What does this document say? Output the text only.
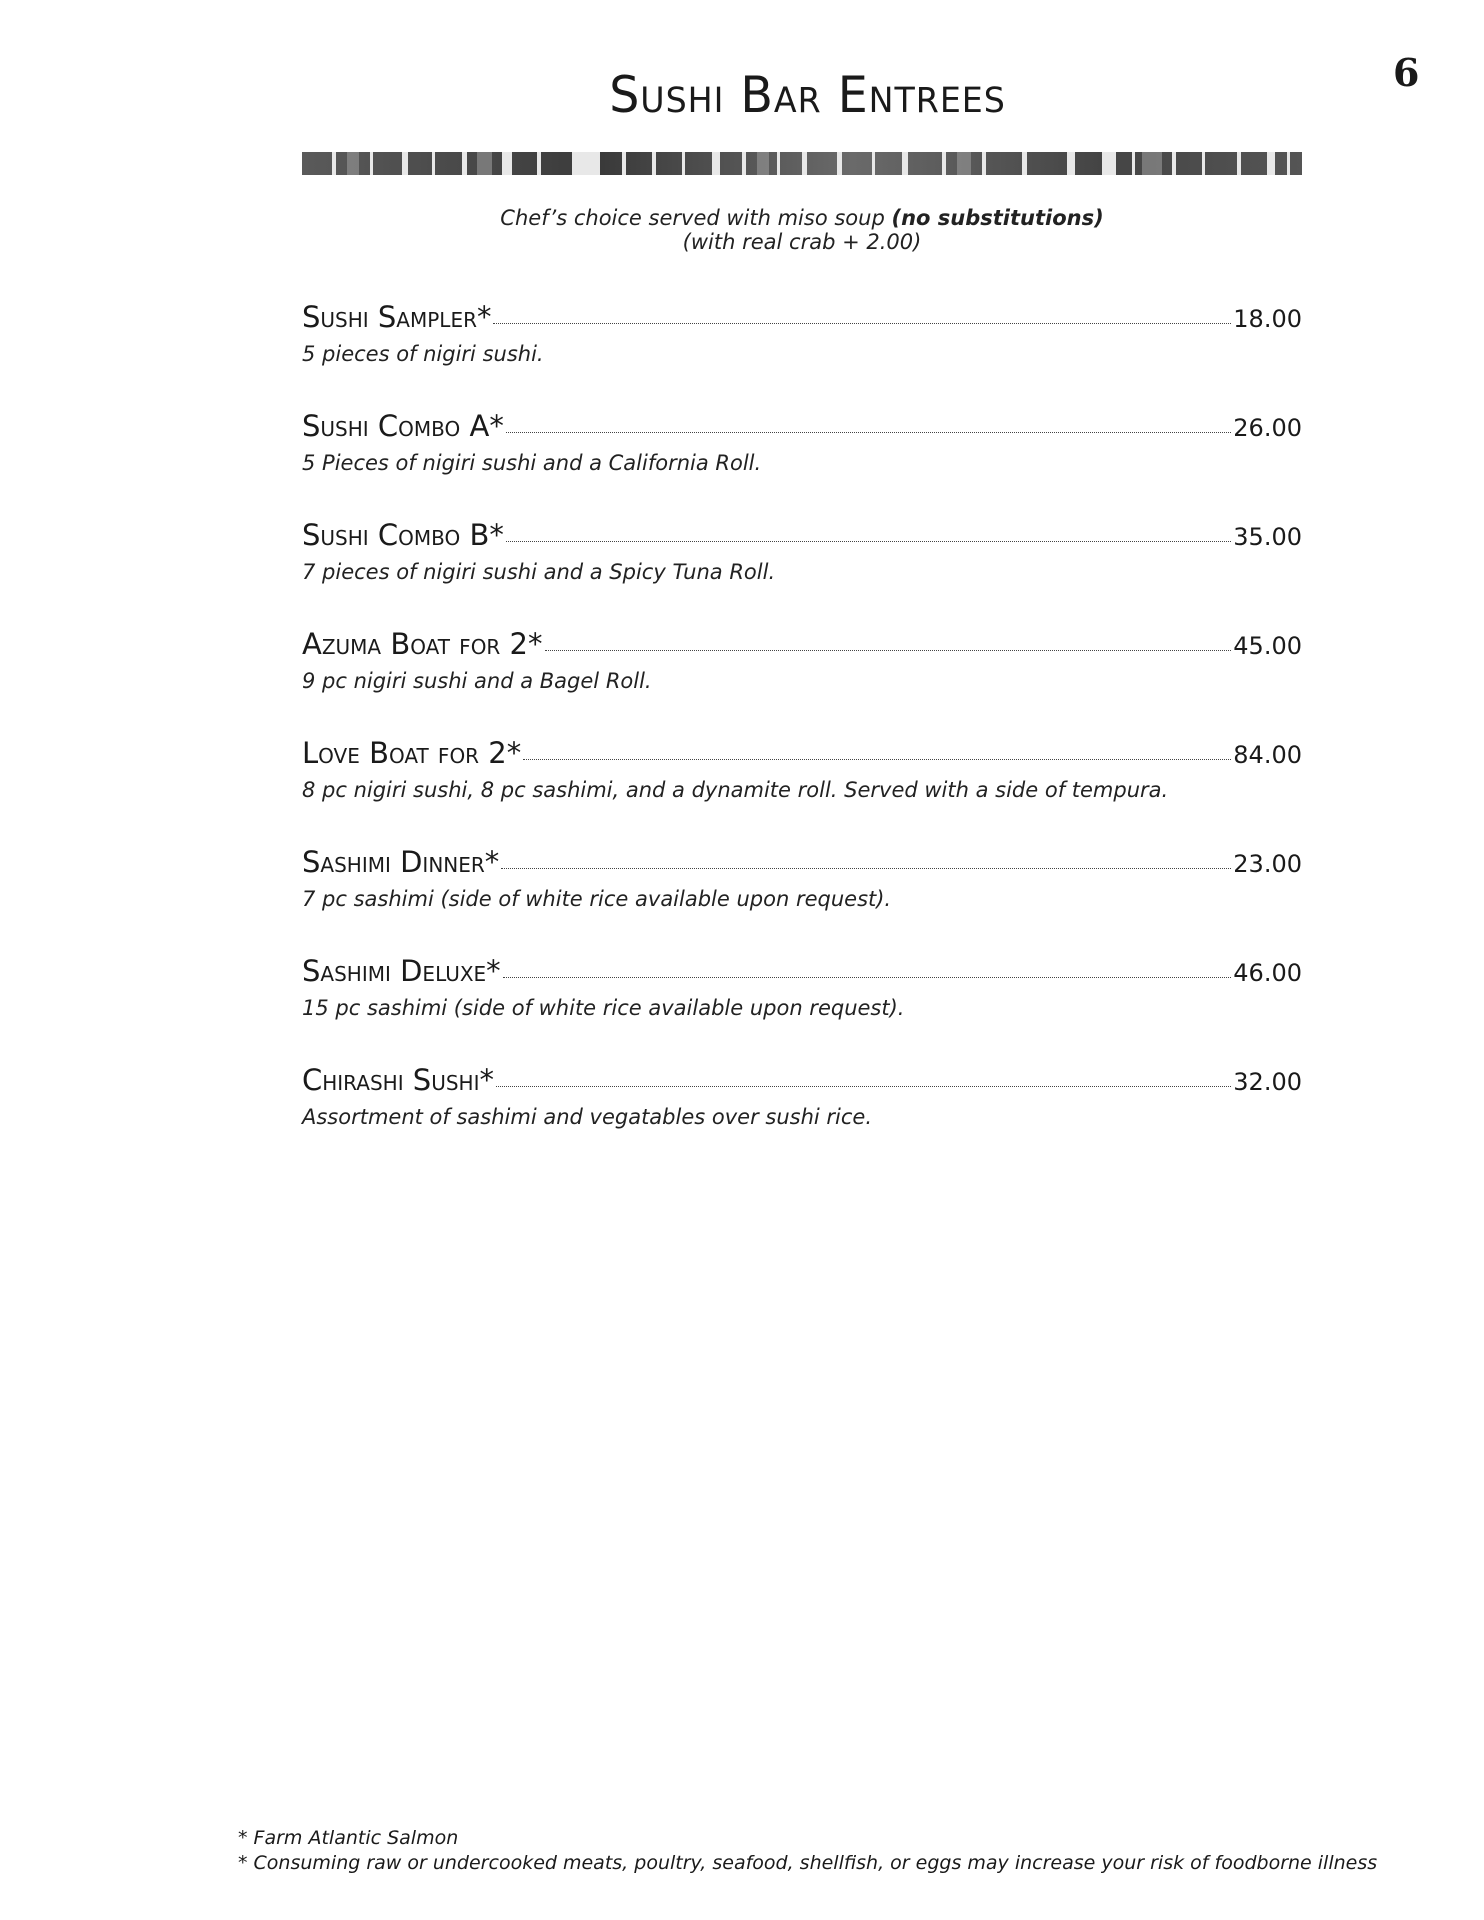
6
Sushi Bar Entrees
Chef’s choice served with miso soup (no substitutions)
(with real crab + 2.00)
Sushi Sampler*	18.00
5 pieces of nigiri sushi.
Sushi Combo A*	26.00
5 Pieces of nigiri sushi and a California Roll.
Sushi Combo B*	35.00
7 pieces of nigiri sushi and a Spicy Tuna Roll.
Azuma Boat for 2*	45.00
9 pc nigiri sushi and a Bagel Roll.
Love Boat for 2*	84.00
8 pc nigiri sushi, 8 pc sashimi, and a dynamite roll. Served with a side of tempura.
Sashimi Dinner*	23.00
7 pc sashimi (side of white rice available upon request).
Sashimi Deluxe*	46.00
15 pc sashimi (side of white rice available upon request).
Chirashi Sushi*	32.00
Assortment of sashimi and vegatables over sushi rice.
* Farm Atlantic Salmon
* Consuming raw or undercooked meats, poultry, seafood, shellfish, or eggs may increase your risk of foodborne illness
